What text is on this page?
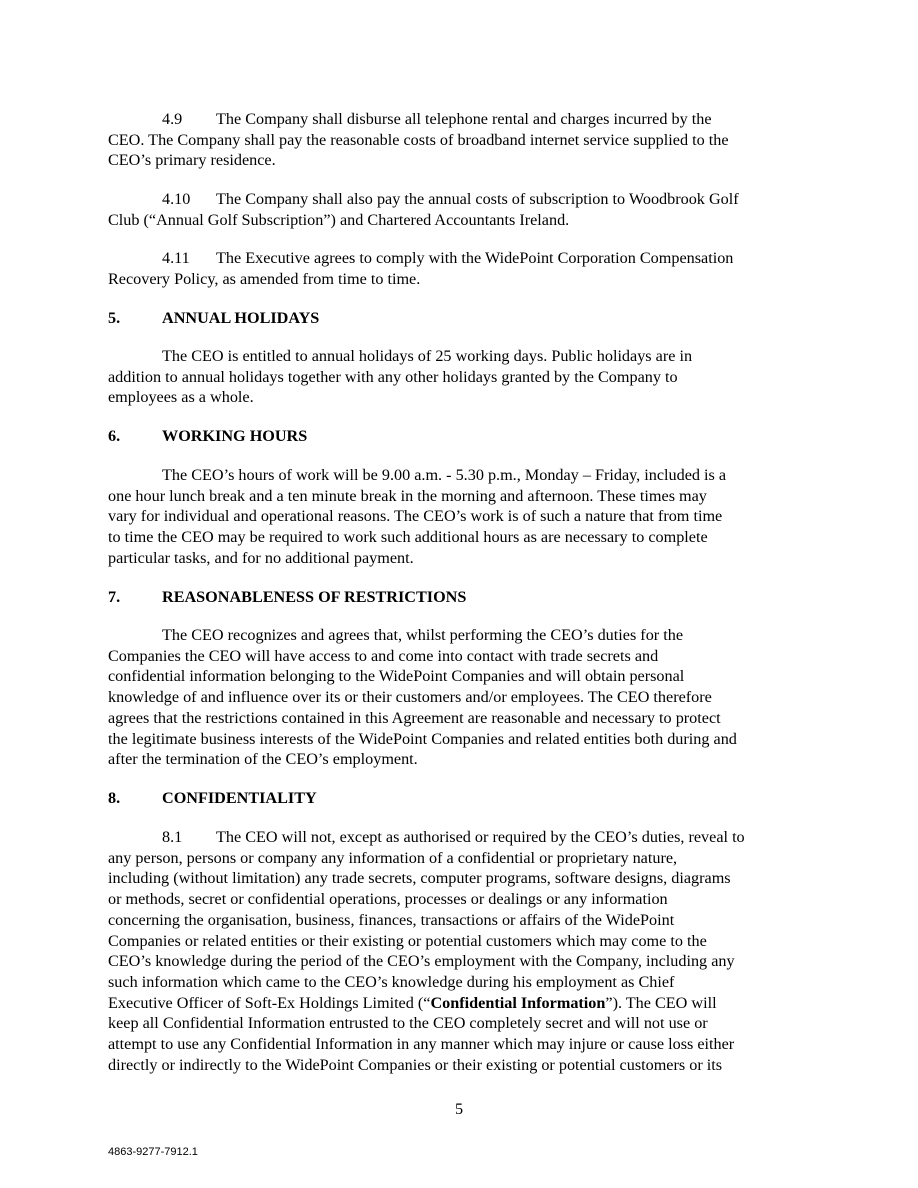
4.9 The Company shall disburse all telephone rental and charges incurred by the
CEO. The Company shall pay the reasonable costs of broadband internet service supplied to the
CEO’s primary residence.
4.10 The Company shall also pay the annual costs of subscription to Woodbrook Golf
Club (“Annual Golf Subscription”) and Chartered Accountants Ireland.
4.11 The Executive agrees to comply with the WidePoint Corporation Compensation
Recovery Policy, as amended from time to time.
5.	ANNUAL HOLIDAYS
The CEO is entitled to annual holidays of 25 working days. Public holidays are in
addition to annual holidays together with any other holidays granted by the Company to
employees as a whole.
6.	WORKING HOURS
The CEO’s hours of work will be 9.00 a.m. - 5.30 p.m., Monday – Friday, included is a
one hour lunch break and a ten minute break in the morning and afternoon. These times may
vary for individual and operational reasons. The CEO’s work is of such a nature that from time
to time the CEO may be required to work such additional hours as are necessary to complete
particular tasks, and for no additional payment.
7.	REASONABLENESS OF RESTRICTIONS
The CEO recognizes and agrees that, whilst performing the CEO’s duties for the
Companies the CEO will have access to and come into contact with trade secrets and
confidential information belonging to the WidePoint Companies and will obtain personal
knowledge of and influence over its or their customers and/or employees. The CEO therefore
agrees that the restrictions contained in this Agreement are reasonable and necessary to protect
the legitimate business interests of the WidePoint Companies and related entities both during and
after the termination of the CEO’s employment.
8.	CONFIDENTIALITY
8.1 The CEO will not, except as authorised or required by the CEO’s duties, reveal to
any person, persons or company any information of a confidential or proprietary nature,
including (without limitation) any trade secrets, computer programs, software designs, diagrams
or methods, secret or confidential operations, processes or dealings or any information
concerning the organisation, business, finances, transactions or affairs of the WidePoint
Companies or related entities or their existing or potential customers which may come to the
CEO’s knowledge during the period of the CEO’s employment with the Company, including any
such information which came to the CEO’s knowledge during his employment as Chief
Executive Officer of Soft-Ex Holdings Limited (“Confidential Information”). The CEO will
keep all Confidential Information entrusted to the CEO completely secret and will not use or
attempt to use any Confidential Information in any manner which may injure or cause loss either
directly or indirectly to the WidePoint Companies or their existing or potential customers or its
5
4863-9277-7912.1
